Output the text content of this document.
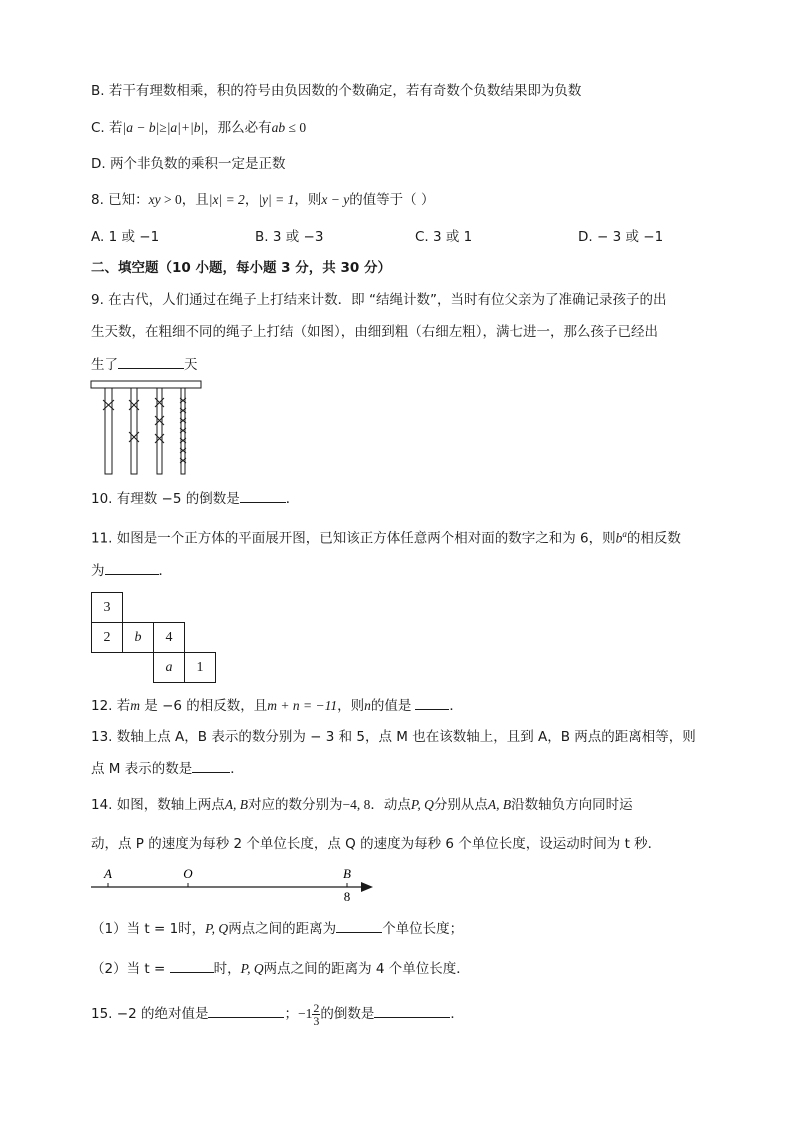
B. 若干有理数相乘，积的符号由负因数的个数确定，若有奇数个负数结果即为负数
C. 若|a − b|≥|a|+|b|，那么必有ab ≤ 0
D. 两个非负数的乘积一定是正数
8. 已知：xy > 0，且|x| = 2，|y| = 1，则x − y的值等于（ ）
A. 1 或 −1	B. 3 或 −3	C. 3 或 1	D. − 3 或 −1
二、填空题（10 小题，每小题 3 分，共 30 分）
9. 在古代，人们通过在绳子上打结来计数．即 “结绳计数”，当时有位父亲为了准确记录孩子的出
生天数，在粗细不同的绳子上打结（如图），由细到粗（右细左粗），满七进一，那么孩子已经出
生了	天
10. 有理数 −5 的倒数是	．
11. 如图是一个正方体的平面展开图，已知该正方体任意两个相对面的数字之和为 6，则$b^a$的相反数
为	．
3			
2	b	4	
		a	1
12. 若m 是 −6 的相反数，且m + n = −11，则n的值是	．
13. 数轴上点 A，B 表示的数分别为 − 3 和 5，点 M 也在该数轴上，且到 A，B 两点的距离相等，则
点 M 表示的数是	．
14. 如图，数轴上两点A, B对应的数分别为−4, 8．动点P, Q分别从点A, B沿数轴负方向同时运
动，点 P 的速度为每秒 2 个单位长度，点 Q 的速度为每秒 6 个单位长度，设运动时间为 t 秒．
A	O	B
8
（1）当 t = 1时，P, Q两点之间的距离为	个单位长度；
（2）当 t =	时，P, Q两点之间的距离为 4 个单位长度．
15. −2 的绝对值是	；$-1 \frac{2}{3}$ 的倒数是	．
